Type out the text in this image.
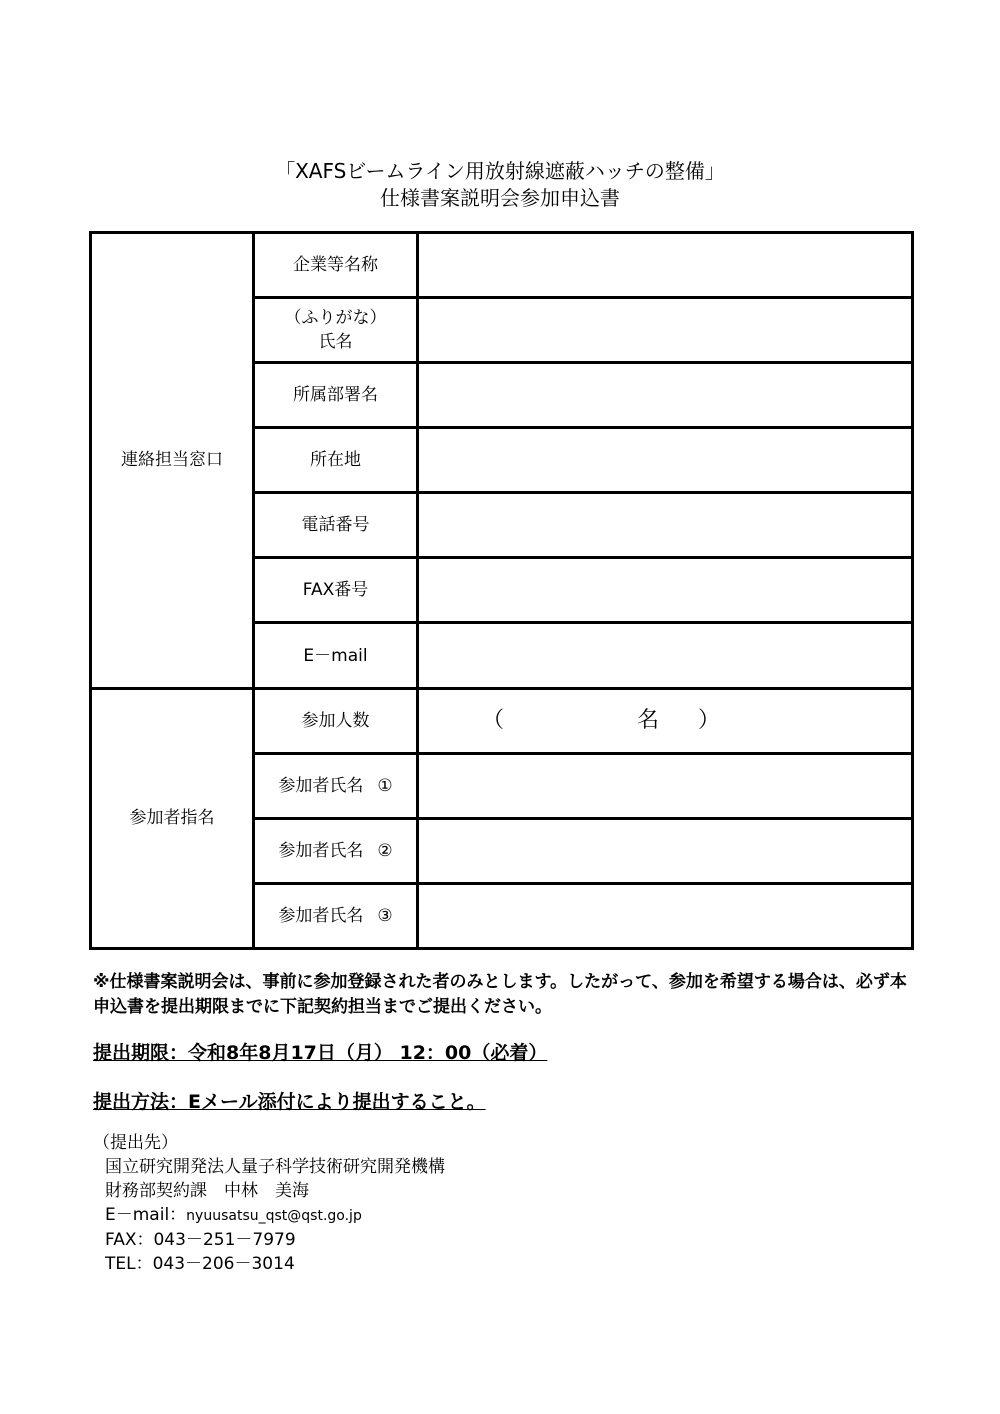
「XAFSビームライン用放射線遮蔽ハッチの整備」
仕様書案説明会参加申込書
連絡担当窓口	企業等名称	

	（ふりがな）
氏名	

	所属部署名	
	所在地	
	電話番号	
	FAX番号	
	E－mail	
参加者指名	参加人数	（ 名 ）

	参加者氏名 ①	
	参加者氏名 ②	
	参加者氏名 ③	
※仕様書案説明会は、事前に参加登録された者のみとします。したがって、参加を希望する場合は、必ず本申込書を提出期限までに下記契約担当までご提出ください。
提出期限：令和8年8月17日（月） 12：00（必着）
提出方法：Eメール添付により提出すること。
（提出先）
国立研究開発法人量子科学技術研究開発機構
財務部契約課　中林　美海
E－mail：nyuusatsu_qst@qst.go.jp
FAX：043－251－7979
TEL：043－206－3014
